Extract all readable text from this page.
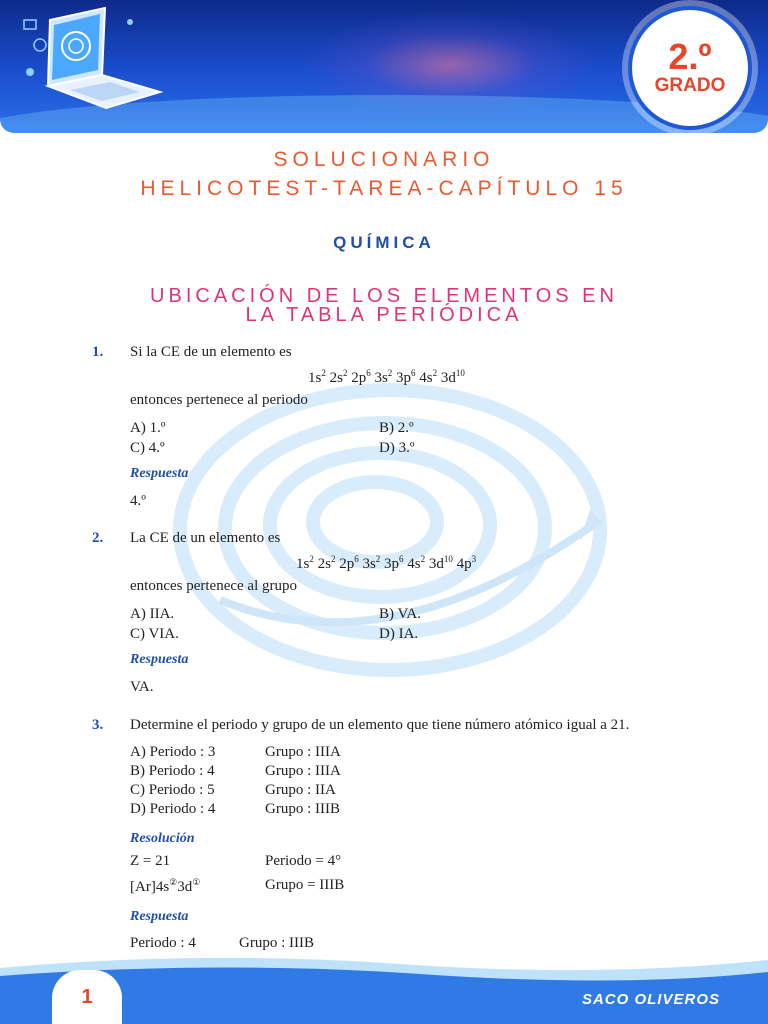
2.º
GRADO
SOLUCIONARIO
HELICOTEST-TAREA-CAPÍTULO 15
QUÍMICA
UBICACIÓN DE LOS ELEMENTOS EN
LA TABLA PERIÓDICA
1. Si la CE de un elemento es
$1s^2$ $2s^2$ $2p^6$ $3s^2$ $3p^6$ $4s^2$ $3d^{10}$
entonces pertenece al periodo
A) 1.º	B) 2.º
C) 4.º	D) 3.º
Respuesta
4.º
2. La CE de un elemento es
$1s^2$ $2s^2$ $2p^6$ $3s^2$ $3p^6$ $4s^2$ $3d^{10}$ $4p^3$
entonces pertenece al grupo
A) IIA.	B) VA.
C) VIA.	D) IA.
Respuesta
VA.
3. Determine el periodo y grupo de un elemento que tiene número atómico igual a 21.
A) Periodo : 3	Grupo : IIIA
B) Periodo : 4	Grupo : IIIA
C) Periodo : 5	Grupo : IIA
D) Periodo : 4	Grupo : IIIB
Resolución
Z = 21	Periodo = 4°
[Ar]4s②3d①	Grupo = IIIB
Respuesta
Periodo : 4	Grupo : IIIB
1	SACO OLIVEROS
